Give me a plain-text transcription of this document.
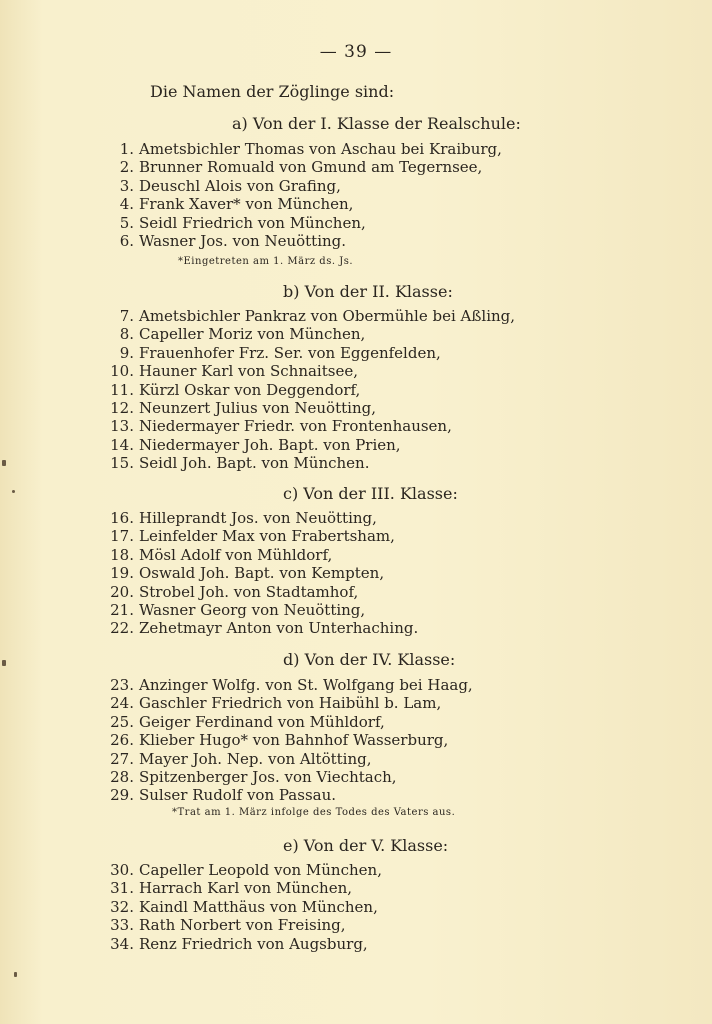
— 39 —
Die Namen der Zöglinge sind:
a) Von der I. Klasse der Realschule:
1. Ametsbichler Thomas von Aschau bei Kraiburg,
2. Brunner Romuald von Gmund am Tegernsee,
3. Deuschl Alois von Grafing,
4. Frank Xaver* von München,
5. Seidl Friedrich von München,
6. Wasner Jos. von Neuötting.
*Eingetreten am 1. März ds. Js.
b) Von der II. Klasse:
7. Ametsbichler Pankraz von Obermühle bei Aßling,
8. Capeller Moriz von München,
9. Frauenhofer Frz. Ser. von Eggenfelden,
10. Hauner Karl von Schnaitsee,
11. Kürzl Oskar von Deggendorf,
12. Neunzert Julius von Neuötting,
13. Niedermayer Friedr. von Frontenhausen,
14. Niedermayer Joh. Bapt. von Prien,
15. Seidl Joh. Bapt. von München.
c) Von der III. Klasse:
16. Hilleprandt Jos. von Neuötting,
17. Leinfelder Max von Frabertsham,
18. Mösl Adolf von Mühldorf,
19. Oswald Joh. Bapt. von Kempten,
20. Strobel Joh. von Stadtamhof,
21. Wasner Georg von Neuötting,
22. Zehetmayr Anton von Unterhaching.
d) Von der IV. Klasse:
23. Anzinger Wolfg. von St. Wolfgang bei Haag,
24. Gaschler Friedrich von Haibühl b. Lam,
25. Geiger Ferdinand von Mühldorf,
26. Klieber Hugo* von Bahnhof Wasserburg,
27. Mayer Joh. Nep. von Altötting,
28. Spitzenberger Jos. von Viechtach,
29. Sulser Rudolf von Passau.
*Trat am 1. März infolge des Todes des Vaters aus.
e) Von der V. Klasse:
30. Capeller Leopold von München,
31. Harrach Karl von München,
32. Kaindl Matthäus von München,
33. Rath Norbert von Freising,
34. Renz Friedrich von Augsburg,
